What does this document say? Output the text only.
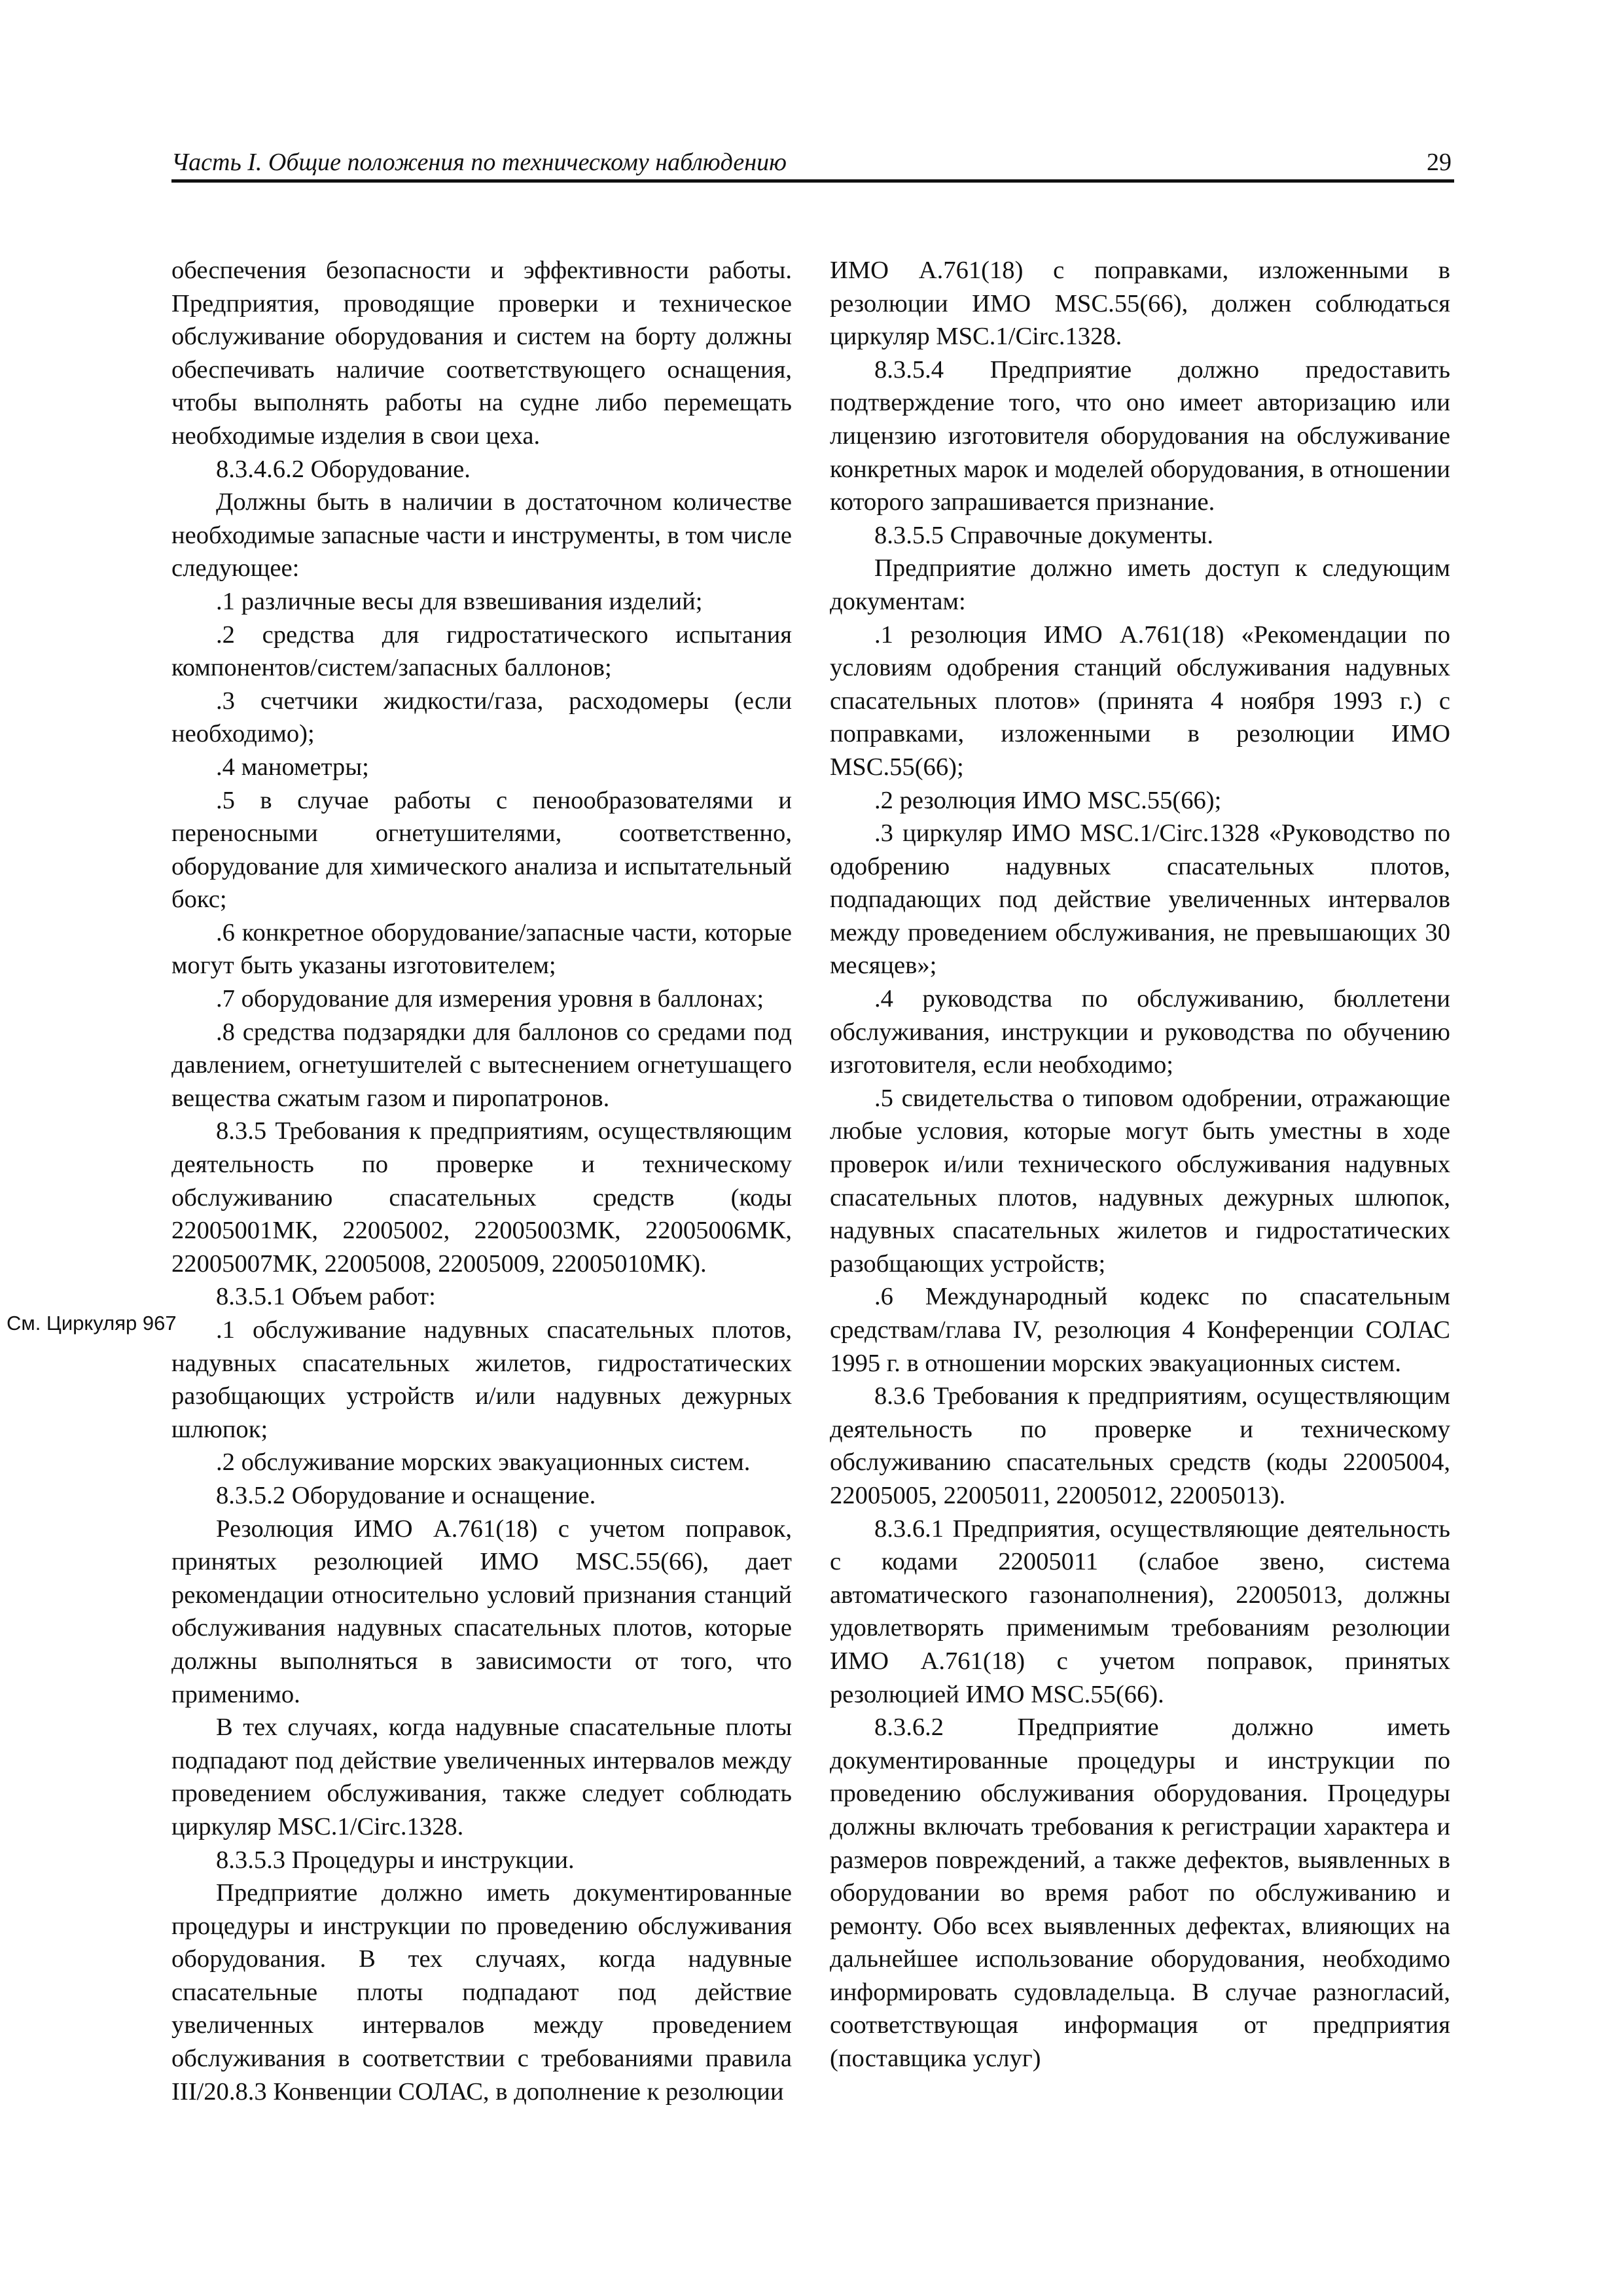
Часть I. Общие положения по техническому наблюдению	29
См. Циркуляр 967

обеспечения безопасности и эффективности работы. Предприятия, проводящие проверки и техническое обслуживание оборудования и систем на борту должны обеспечивать наличие соответствующего оснащения, чтобы выполнять работы на судне либо перемещать необходимые изделия в свои цеха.

8.3.4.6.2 Оборудование.

Должны быть в наличии в достаточном количестве необходимые запасные части и инструменты, в том числе следующее:

.1 различные весы для взвешивания изделий;

.2 средства для гидростатического испытания компонентов/систем/запасных баллонов;

.3 счетчики жидкости/газа, расходомеры (если необходимо);

.4 манометры;

.5 в случае работы с пенообразователями и переносными огнетушителями, соответственно, оборудование для химического анализа и испытательный бокс;

.6 конкретное оборудование/запасные части, которые могут быть указаны изготовителем;

.7 оборудование для измерения уровня в баллонах;

.8 средства подзарядки для баллонов со средами под давлением, огнетушителей с вытеснением огнетушащего вещества сжатым газом и пиропатронов.

8.3.5 Требования к предприятиям, осуществляющим деятельность по проверке и техническому обслуживанию спасательных средств (коды 22005001МК, 22005002, 22005003МК, 22005006МК, 22005007МК, 22005008, 22005009, 22005010МК).

8.3.5.1 Объем работ:

.1 обслуживание надувных спасательных плотов, надувных спасательных жилетов, гидростатических разобщающих устройств и/или надувных дежурных шлюпок;

.2 обслуживание морских эвакуационных систем.

8.3.5.2 Оборудование и оснащение.

Резолюция ИМО А.761(18) с учетом поправок, принятых резолюцией ИМО MSC.55(66), дает рекомендации относительно условий признания станций обслуживания надувных спасательных плотов, которые должны выполняться в зависимости от того, что применимо.

В тех случаях, когда надувные спасательные плоты подпадают под действие увеличенных интервалов между проведением обслуживания, также следует соблюдать циркуляр MSC.1/Circ.1328.

8.3.5.3 Процедуры и инструкции.

Предприятие должно иметь документированные процедуры и инструкции по проведению обслуживания оборудования. В тех случаях, когда надувные спасательные плоты подпадают под действие увеличенных интервалов между проведением обслуживания в соответствии с требованиями правила III/20.8.3 Конвенции СОЛАС, в дополнение к резолюции

ИМО А.761(18) с поправками, изложенными в резолюции ИМО MSC.55(66), должен соблюдаться циркуляр MSC.1/Circ.1328.

8.3.5.4 Предприятие должно предоставить подтверждение того, что оно имеет авторизацию или лицензию изготовителя оборудования на обслуживание конкретных марок и моделей оборудования, в отношении которого запрашивается признание.

8.3.5.5 Справочные документы.

Предприятие должно иметь доступ к следующим документам:

.1 резолюция ИМО А.761(18) «Рекомендации по условиям одобрения станций обслуживания надувных спасательных плотов» (принята 4 ноября 1993 г.) с поправками, изложенными в резолюции ИМО MSC.55(66);

.2 резолюция ИМО MSC.55(66);

.3 циркуляр ИМО MSC.1/Circ.1328 «Руководство по одобрению надувных спасательных плотов, подпадающих под действие увеличенных интервалов между проведением обслуживания, не превышающих 30 месяцев»;

.4 руководства по обслуживанию, бюллетени обслуживания, инструкции и руководства по обучению изготовителя, если необходимо;

.5 свидетельства о типовом одобрении, отражающие любые условия, которые могут быть уместны в ходе проверок и/или технического обслуживания надувных спасательных плотов, надувных дежурных шлюпок, надувных спасательных жилетов и гидростатических разобщающих устройств;

.6 Международный кодекс по спасательным средствам/глава IV, резолюция 4 Конференции СОЛАС 1995 г. в отношении морских эвакуационных систем.

8.3.6 Требования к предприятиям, осуществляющим деятельность по проверке и техническому обслуживанию спасательных средств (коды 22005004, 22005005, 22005011, 22005012, 22005013).

8.3.6.1 Предприятия, осуществляющие деятельность с кодами 22005011 (слабое звено, система автоматического газонаполнения), 22005013, должны удовлетворять применимым требованиям резолюции ИМО А.761(18) с учетом поправок, принятых резолюцией ИМО MSC.55(66).

8.3.6.2 Предприятие должно иметь документированные процедуры и инструкции по проведению обслуживания оборудования. Процедуры должны включать требования к регистрации характера и размеров повреждений, а также дефектов, выявленных в оборудовании во время работ по обслуживанию и ремонту. Обо всех выявленных дефектах, влияющих на дальнейшее использование оборудования, необходимо информировать судовладельца. В случае разногласий, соответствующая информация от предприятия (поставщика услуг)
